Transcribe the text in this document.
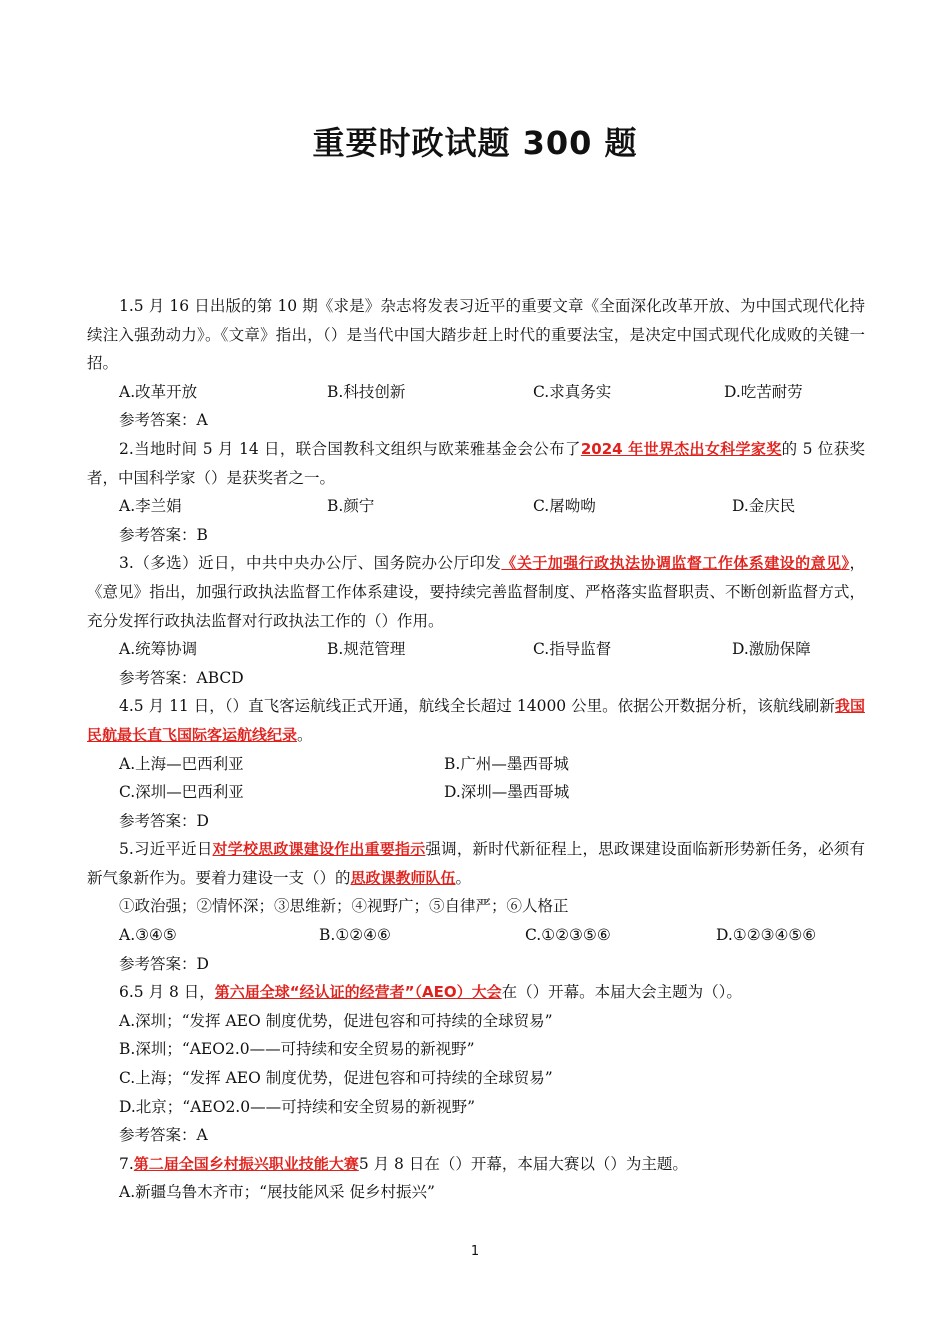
重要时政试题 300 题

1.5 月 16 日出版的第 10 期《求是》杂志将发表习近平的重要文章《全面深化改革开放、为中国式现代化持续注入强劲动力》。《文章》指出，（）是当代中国大踏步赶上时代的重要法宝，是决定中国式现代化成败的关键一招。

A.改革开放	B.科技创新	C.求真务实	D.吃苦耐劳
参考答案：A

2.当地时间 5 月 14 日，联合国教科文组织与欧莱雅基金会公布了2024 年世界杰出女科学家奖的 5 位获奖者，中国科学家（）是获奖者之一。

A.李兰娟	B.颜宁	C.屠呦呦	D.金庆民
参考答案：B

3.（多选）近日，中共中央办公厅、国务院办公厅印发《关于加强行政执法协调监督工作体系建设的意见》，《意见》指出，加强行政执法监督工作体系建设，要持续完善监督制度、严格落实监督职责、不断创新监督方式，充分发挥行政执法监督对行政执法工作的（）作用。

A.统筹协调	B.规范管理	C.指导监督	D.激励保障
参考答案：ABCD

4.5 月 11 日，（）直飞客运航线正式开通，航线全长超过 14000 公里。依据公开数据分析，该航线刷新我国民航最长直飞国际客运航线纪录。

A.上海—巴西利亚	B.广州—墨西哥城
C.深圳—巴西利亚	D.深圳—墨西哥城
参考答案：D

5.习近平近日对学校思政课建设作出重要指示强调，新时代新征程上，思政课建设面临新形势新任务，必须有新气象新作为。要着力建设一支（）的思政课教师队伍。

①政治强；②情怀深；③思维新；④视野广；⑤自律严；⑥人格正
A.③④⑤	B.①②④⑥	C.①②③⑤⑥	D.①②③④⑤⑥
参考答案：D

6.5 月 8 日，第六届全球“经认证的经营者”（AEO）大会在（）开幕。本届大会主题为（）。

A.深圳；“发挥 AEO 制度优势，促进包容和可持续的全球贸易”
B.深圳；“AEO2.0——可持续和安全贸易的新视野”
C.上海；“发挥 AEO 制度优势，促进包容和可持续的全球贸易”
D.北京；“AEO2.0——可持续和安全贸易的新视野”
参考答案：A

7.第二届全国乡村振兴职业技能大赛5 月 8 日在（）开幕，本届大赛以（）为主题。

A.新疆乌鲁木齐市；“展技能风采 促乡村振兴”
1
